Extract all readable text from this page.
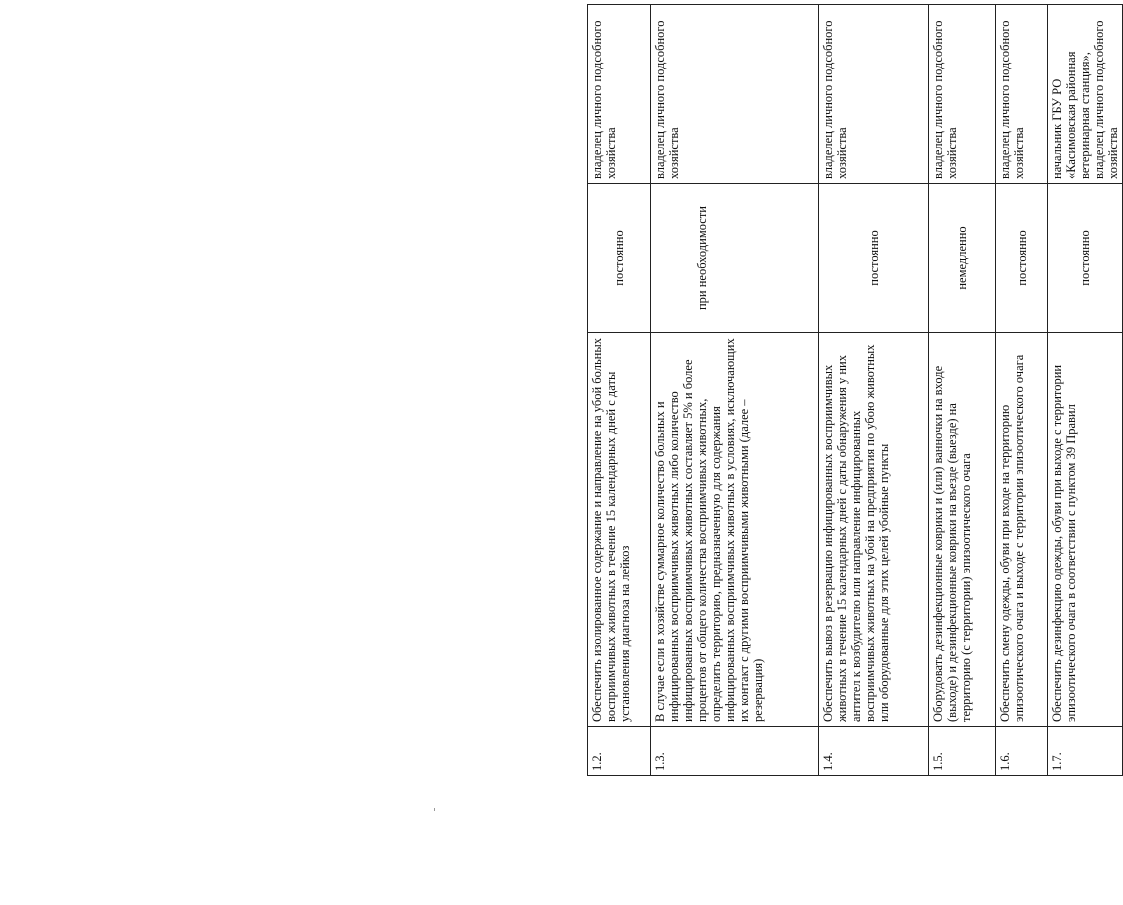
1.2.	Обеспечить изолированное содержание и направление на убой больных восприимчивых животных в течение 15 календарных дней с даты установления диагноза на лейкоз	постоянно	владелец личного подсобного хозяйства
1.3.	В случае если в хозяйстве суммарное количество больных и инфицированных восприимчивых животных либо количество инфицированных восприимчивых животных составляет 5% и более процентов от общего количества восприимчивых животных, определить территорию, предназначенную для содержания инфицированных восприимчивых животных в условиях, исключающих их контакт с другими восприимчивыми животными (далее – резервация)	при необходимости	владелец личного подсобного хозяйства
1.4.	Обеспечить вывоз в резервацию инфицированных восприимчивых животных в течение 15 календарных дней с даты обнаружения у них антител к возбудителю или направление инфицированных восприимчивых животных на убой на предприятия по убою животных или оборудованные для этих целей убойные пункты	постоянно	владелец личного подсобного хозяйства
1.5.	Оборудовать дезинфекционные коврики и (или) ванночки на входе (выходе) и дезинфекционные коврики на въезде (выезде) на территорию (с территории) эпизоотического очага	немедленно	владелец личного подсобного хозяйства
1.6.	Обеспечить смену одежды, обуви при входе на территорию эпизоотического очага и выходе с территории эпизоотического очага	постоянно	владелец личного подсобного хозяйства
1.7.	Обеспечить дезинфекцию одежды, обуви при выходе с территории эпизоотического очага в соответствии с пунктом 39 Правил	постоянно	начальник ГБУ РО «Касимовская районная ветеринарная станция», владелец личного подсобного хозяйства
